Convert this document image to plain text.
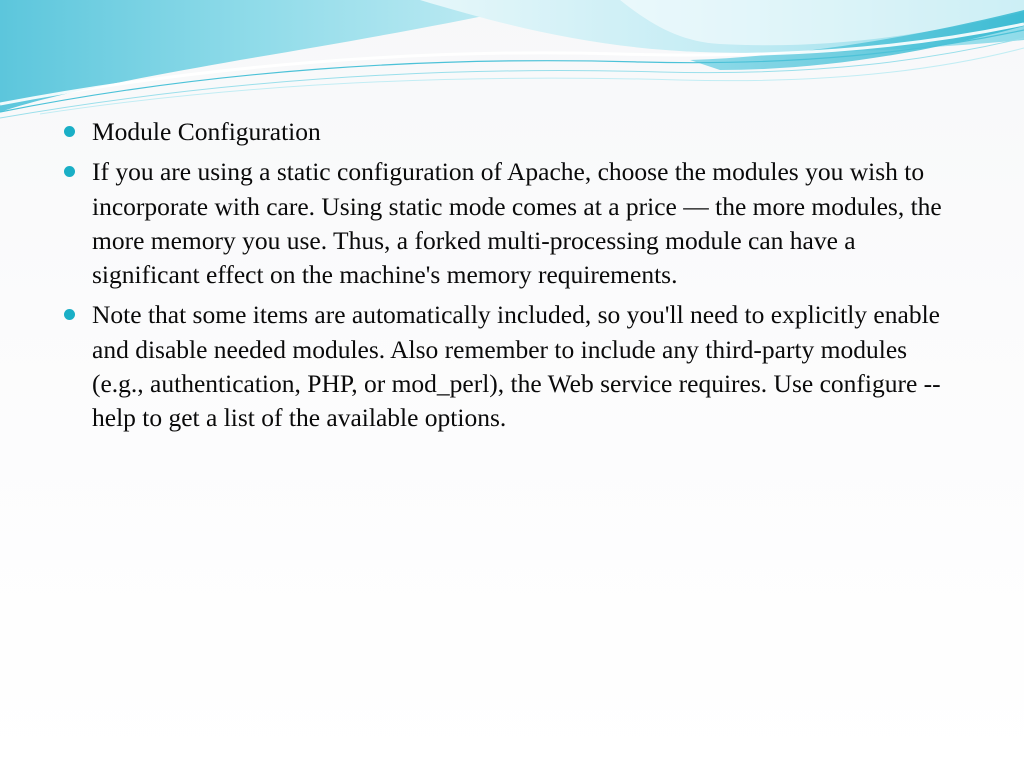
Module Configuration
If you are using a static configuration of Apache, choose the modules you wish to incorporate with care. Using static mode comes at a price — the more modules, the more memory you use. Thus, a forked multi-processing module can have a significant effect on the machine's memory requirements.
Note that some items are automatically included, so you'll need to explicitly enable and disable needed modules. Also remember to include any third-party modules (e.g., authentication, PHP, or mod_perl), the Web service requires. Use configure --help to get a list of the available options.
